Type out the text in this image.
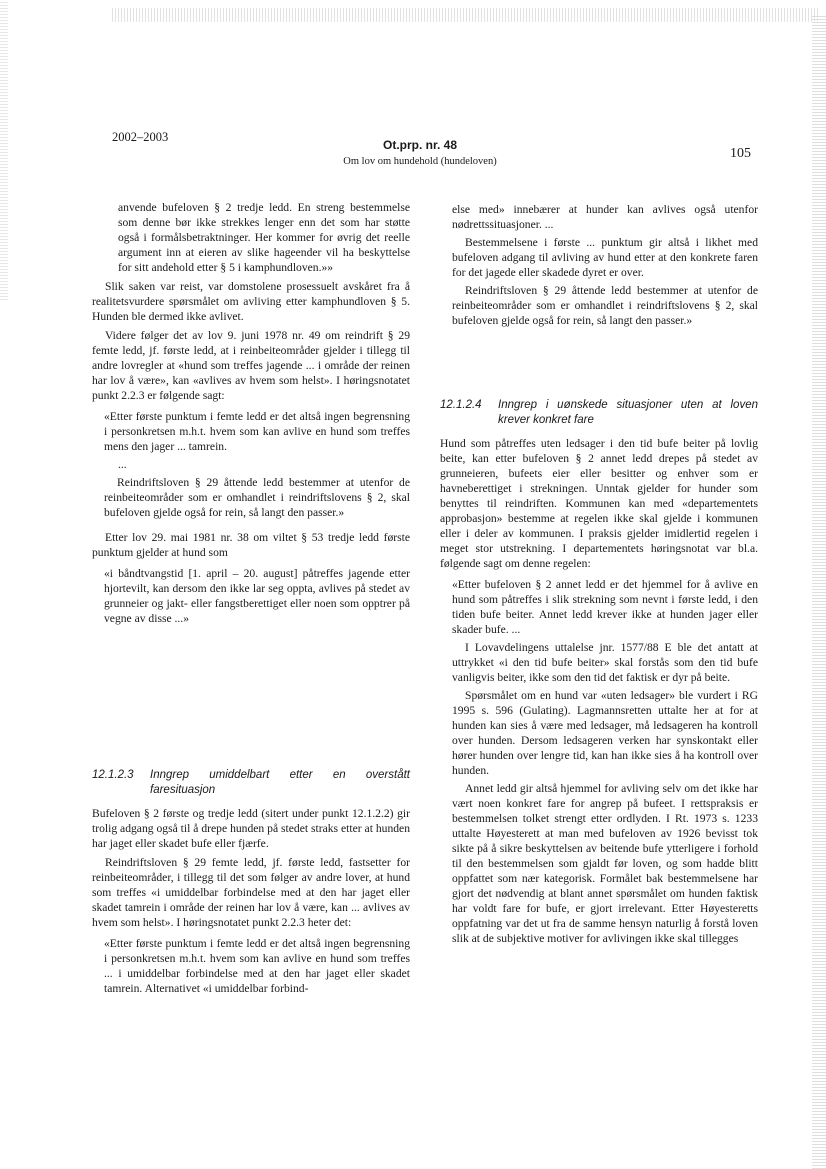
2002–2003
Ot.prp. nr. 48
Om lov om hundehold (hundeloven)
105

anvende bufeloven § 2 tredje ledd. En streng bestemmelse som denne bør ikke strekkes lenger enn det som har støtte også i formålsbetraktninger. Her kommer for øvrig det reelle argument inn at eieren av slike hageender vil ha beskyttelse for sitt andehold etter § 5 i kamphundloven.»»

Slik saken var reist, var domstolene prosessuelt avskåret fra å realitetsvurdere spørsmålet om avliving etter kamphundloven § 5. Hunden ble dermed ikke avlivet.

Videre følger det av lov 9. juni 1978 nr. 49 om reindrift § 29 femte ledd, jf. første ledd, at i reinbeiteområder gjelder i tillegg til andre lovregler at «hund som treffes jagende ... i område der reinen har lov å være», kan «avlives av hvem som helst». I høringsnotatet punkt 2.2.3 er følgende sagt:

«Etter første punktum i femte ledd er det altså ingen begrensning i personkretsen m.h.t. hvem som kan avlive en hund som treffes mens den jager ... tamrein.

...

Reindriftsloven § 29 åttende ledd bestemmer at utenfor de reinbeiteområder som er omhandlet i reindriftslovens § 2, skal bufeloven gjelde også for rein, så langt den passer.»

Etter lov 29. mai 1981 nr. 38 om viltet § 53 tredje ledd første punktum gjelder at hund som

«i båndtvangstid [1. april – 20. august] påtreffes jagende etter hjortevilt, kan dersom den ikke lar seg oppta, avlives på stedet av grunneier og jakt- eller fangstberettiget eller noen som opptrer på vegne av disse ...»

12.1.2.3	Inngrep umiddelbart etter en overstått faresituasjon

Bufeloven § 2 første og tredje ledd (sitert under punkt 12.1.2.2) gir trolig adgang også til å drepe hunden på stedet straks etter at hunden har jaget eller skadet bufe eller fjærfe.

Reindriftsloven § 29 femte ledd, jf. første ledd, fastsetter for reinbeiteområder, i tillegg til det som følger av andre lover, at hund som treffes «i umiddelbar forbindelse med at den har jaget eller skadet tamrein i område der reinen har lov å være, kan ... avlives av hvem som helst». I høringsnotatet punkt 2.2.3 heter det:

«Etter første punktum i femte ledd er det altså ingen begrensning i personkretsen m.h.t. hvem som kan avlive en hund som treffes ... i umiddelbar forbindelse med at den har jaget eller skadet tamrein. Alternativet «i umiddelbar forbind-

else med» innebærer at hunder kan avlives også utenfor nødrettssituasjoner. ...

Bestemmelsene i første ... punktum gir altså i likhet med bufeloven adgang til avliving av hund etter at den konkrete faren for det jagede eller skadede dyret er over.

Reindriftsloven § 29 åttende ledd bestemmer at utenfor de reinbeiteområder som er omhandlet i reindriftslovens § 2, skal bufeloven gjelde også for rein, så langt den passer.»

12.1.2.4	Inngrep i uønskede situasjoner uten at loven krever konkret fare

Hund som påtreffes uten ledsager i den tid bufe beiter på lovlig beite, kan etter bufeloven § 2 annet ledd drepes på stedet av grunneieren, bufeets eier eller besitter og enhver som er havneberettiget i strekningen. Unntak gjelder for hunder som benyttes til reindriften. Kommunen kan med «departementets approbasjon» bestemme at regelen ikke skal gjelde i kommunen eller i deler av kommunen. I praksis gjelder imidlertid regelen i meget stor utstrekning. I departementets høringsnotat var bl.a. følgende sagt om denne regelen:

«Etter bufeloven § 2 annet ledd er det hjemmel for å avlive en hund som påtreffes i slik strekning som nevnt i første ledd, i den tiden bufe beiter. Annet ledd krever ikke at hunden jager eller skader bufe. ...

I Lovavdelingens uttalelse jnr. 1577/88 E ble det antatt at uttrykket «i den tid bufe beiter» skal forstås som den tid bufe vanligvis beiter, ikke som den tid det faktisk er dyr på beite.

Spørsmålet om en hund var «uten ledsager» ble vurdert i RG 1995 s. 596 (Gulating). Lagmannsretten uttalte her at for at hunden kan sies å være med ledsager, må ledsageren ha kontroll over hunden. Dersom ledsageren verken har synskontakt eller hører hunden over lengre tid, kan han ikke sies å ha kontroll over hunden.

Annet ledd gir altså hjemmel for avliving selv om det ikke har vært noen konkret fare for angrep på bufeet. I rettspraksis er bestemmelsen tolket strengt etter ordlyden. I Rt. 1973 s. 1233 uttalte Høyesterett at man med bufeloven av 1926 bevisst tok sikte på å sikre beskyttelsen av beitende bufe ytterligere i forhold til den bestemmelsen som gjaldt før loven, og som hadde blitt oppfattet som nær kategorisk. Formålet bak bestemmelsene har gjort det nødvendig at blant annet spørsmålet om hunden faktisk har voldt fare for bufe, er gjort irrelevant. Etter Høyesteretts oppfatning var det ut fra de samme hensyn naturlig å forstå loven slik at de subjektive motiver for avlivingen ikke skal tillegges
